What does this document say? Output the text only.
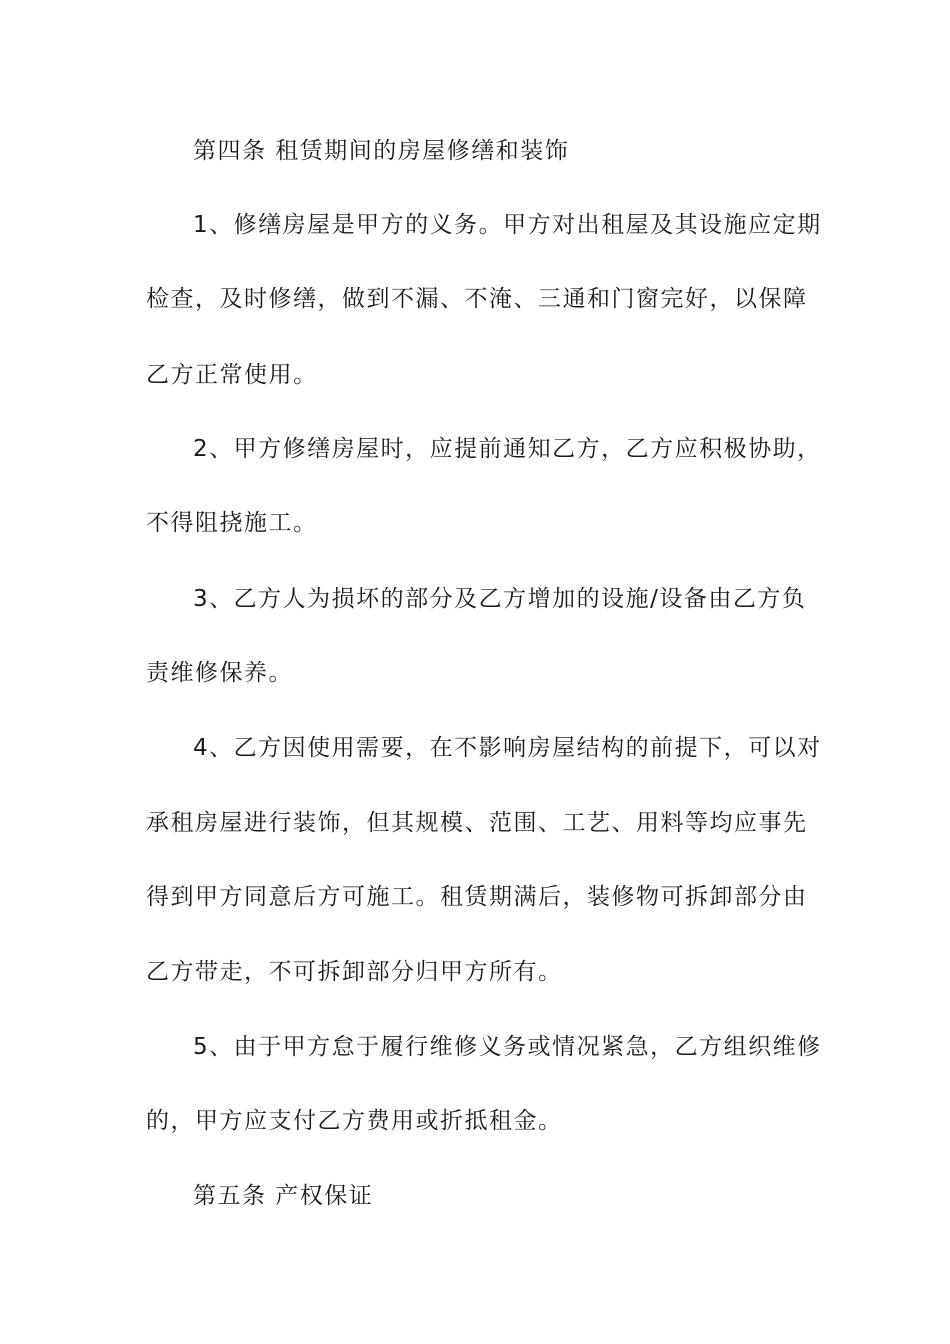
第四条 租赁期间的房屋修缮和装饰
1、修缮房屋是甲方的义务。甲方对出租屋及其设施应定期
检查，及时修缮，做到不漏、不淹、三通和门窗完好，以保障
乙方正常使用。
2、甲方修缮房屋时，应提前通知乙方，乙方应积极协助，
不得阻挠施工。
3、乙方人为损坏的部分及乙方增加的设施/设备由乙方负
责维修保养。
4、乙方因使用需要，在不影响房屋结构的前提下，可以对
承租房屋进行装饰，但其规模、范围、工艺、用料等均应事先
得到甲方同意后方可施工。租赁期满后，装修物可拆卸部分由
乙方带走，不可拆卸部分归甲方所有。
5、由于甲方怠于履行维修义务或情况紧急，乙方组织维修
的，甲方应支付乙方费用或折抵租金。
第五条 产权保证
